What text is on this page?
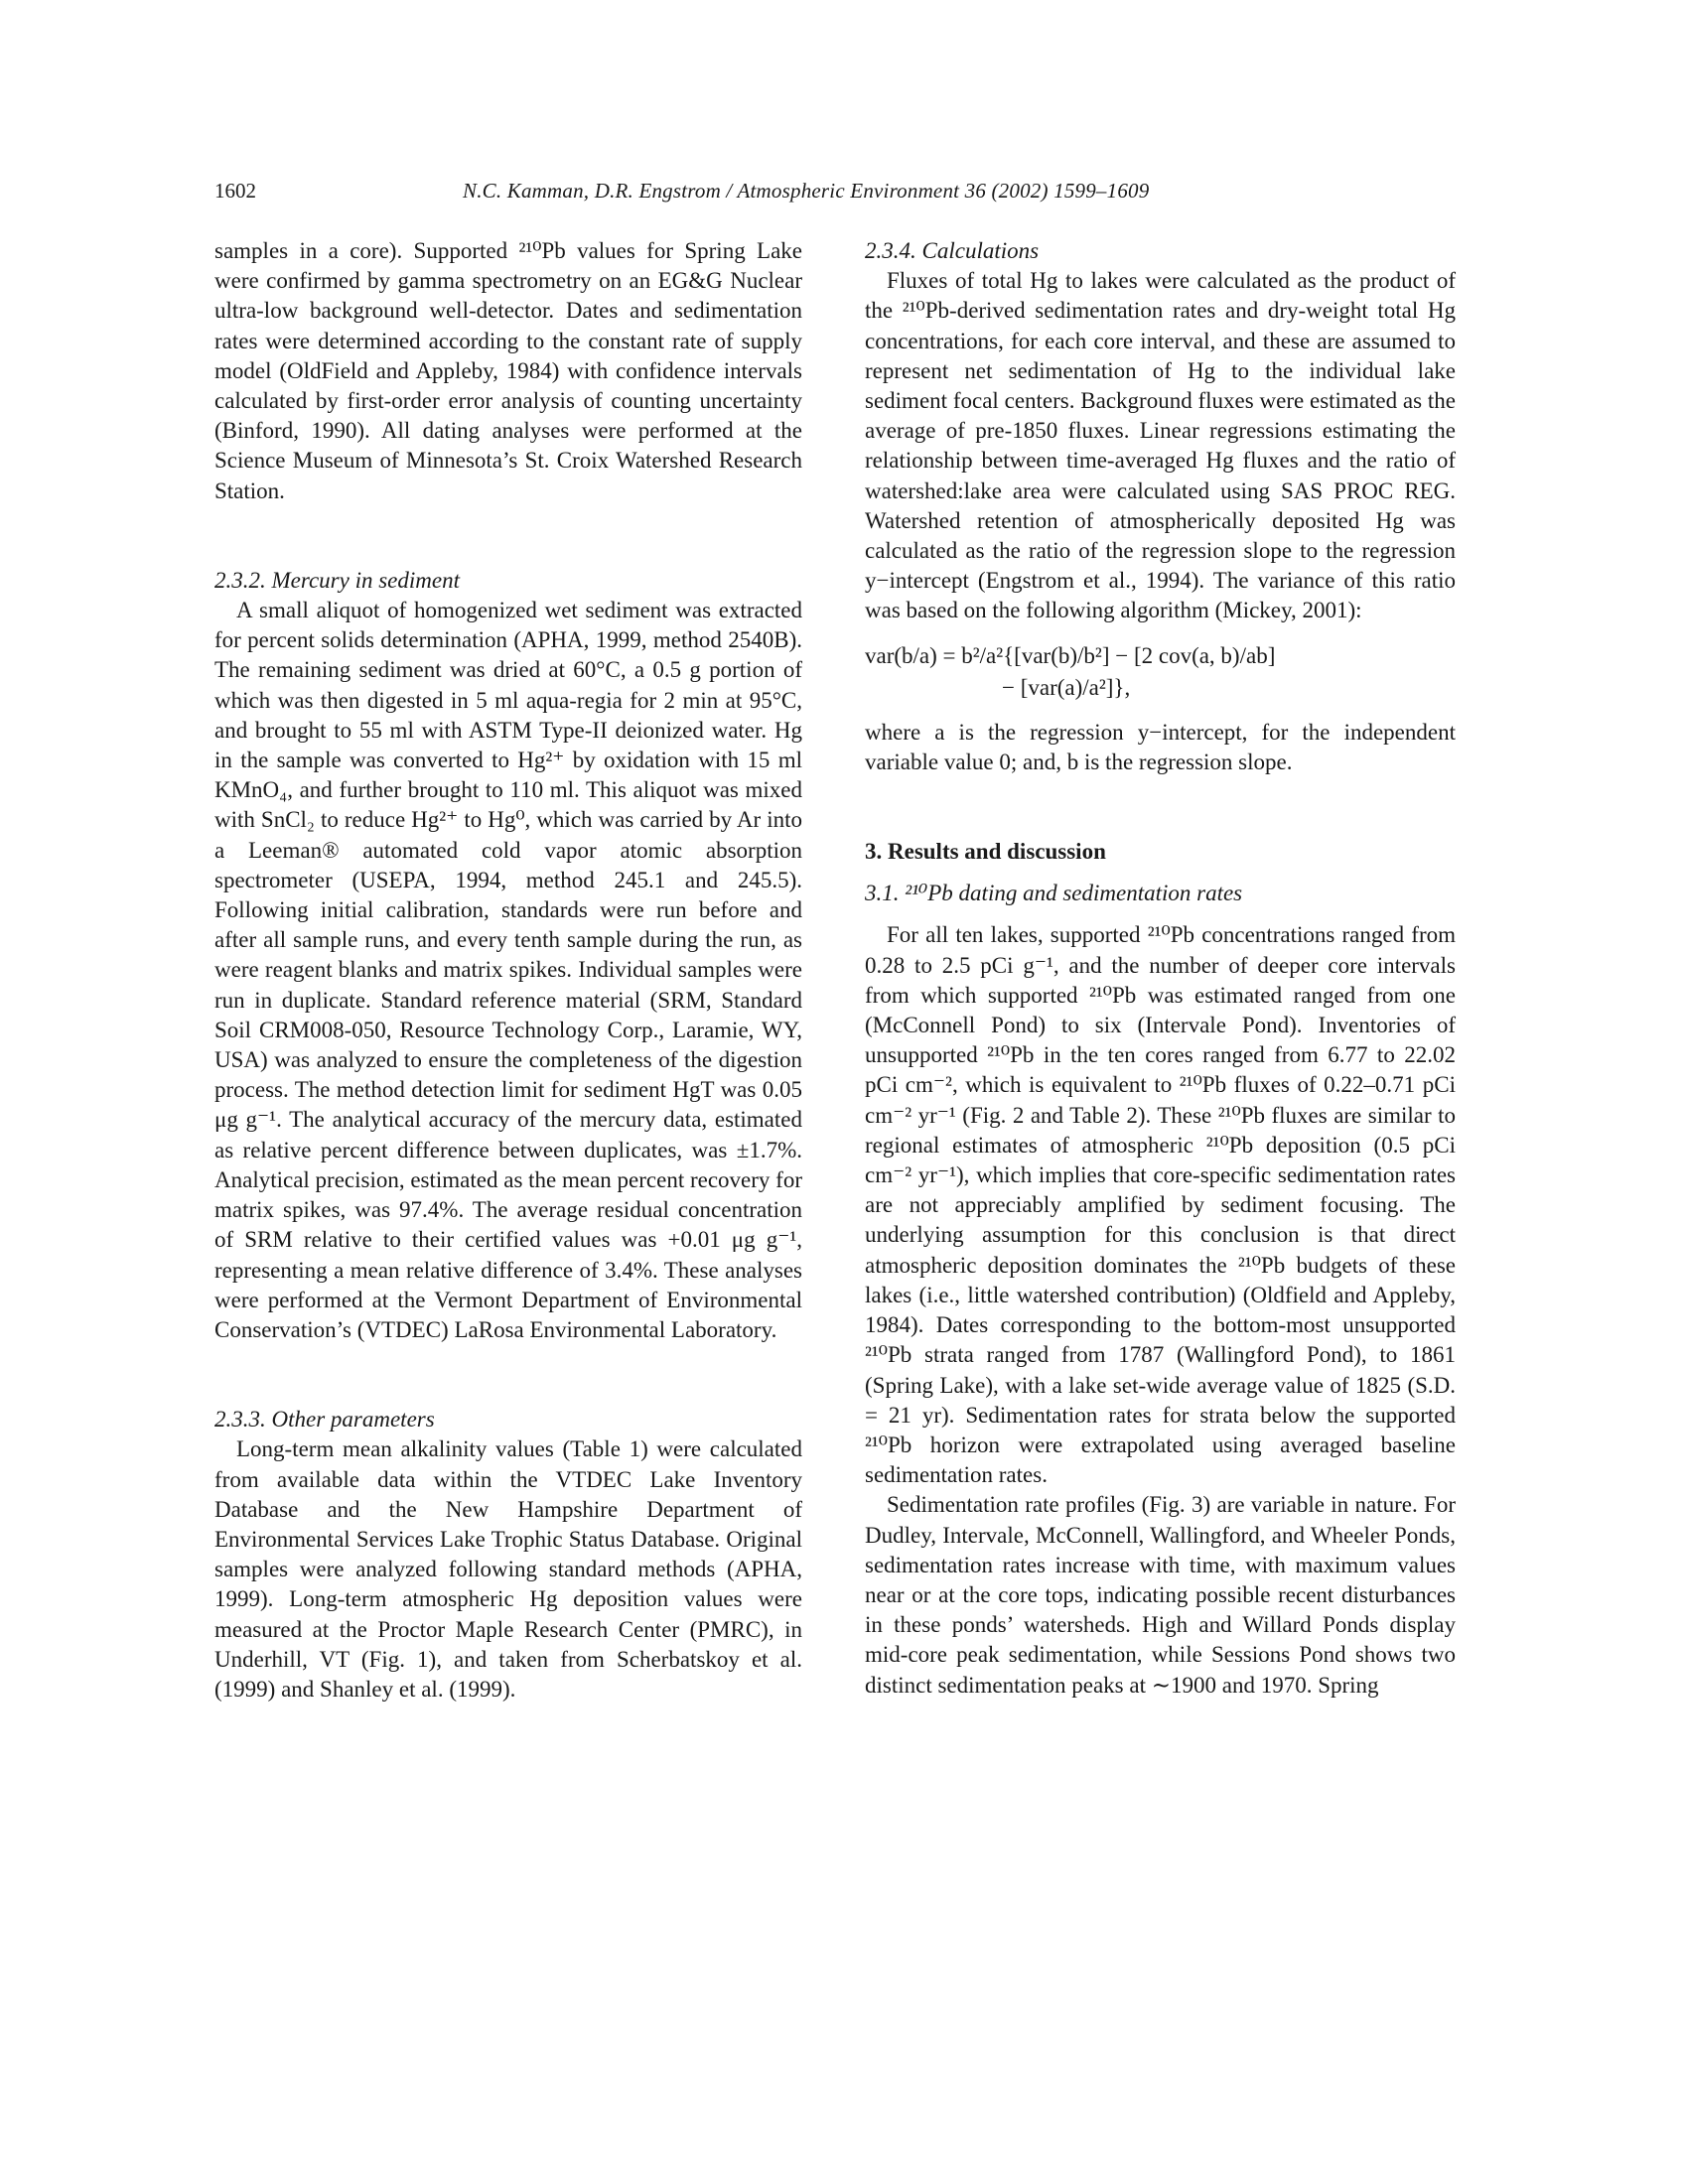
1602	N.C. Kamman, D.R. Engstrom / Atmospheric Environment 36 (2002) 1599–1609

samples in a core). Supported ²¹⁰Pb values for Spring Lake were confirmed by gamma spectrometry on an EG&G Nuclear ultra-low background well-detector. Dates and sedimentation rates were determined according to the constant rate of supply model (OldField and Appleby, 1984) with confidence intervals calculated by first-order error analysis of counting uncertainty (Binford, 1990). All dating analyses were performed at the Science Museum of Minnesota’s St. Croix Watershed Research Station.

2.3.2. Mercury in sediment

A small aliquot of homogenized wet sediment was extracted for percent solids determination (APHA, 1999, method 2540B). The remaining sediment was dried at 60°C, a 0.5 g portion of which was then digested in 5 ml aqua-regia for 2 min at 95°C, and brought to 55 ml with ASTM Type-II deionized water. Hg in the sample was converted to Hg²⁺ by oxidation with 15 ml KMnO₄, and further brought to 110 ml. This aliquot was mixed with SnCl₂ to reduce Hg²⁺ to Hg⁰, which was carried by Ar into a Leeman® automated cold vapor atomic absorption spectrometer (USEPA, 1994, method 245.1 and 245.5). Following initial calibration, standards were run before and after all sample runs, and every tenth sample during the run, as were reagent blanks and matrix spikes. Individual samples were run in duplicate. Standard reference material (SRM, Standard Soil CRM008-050, Resource Technology Corp., Laramie, WY, USA) was analyzed to ensure the completeness of the digestion process. The method detection limit for sediment HgT was 0.05 μg g⁻¹. The analytical accuracy of the mercury data, estimated as relative percent difference between duplicates, was ±1.7%. Analytical precision, estimated as the mean percent recovery for matrix spikes, was 97.4%. The average residual concentration of SRM relative to their certified values was +0.01 μg g⁻¹, representing a mean relative difference of 3.4%. These analyses were performed at the Vermont Department of Environmental Conservation’s (VTDEC) LaRosa Environmental Laboratory.

2.3.3. Other parameters

Long-term mean alkalinity values (Table 1) were calculated from available data within the VTDEC Lake Inventory Database and the New Hampshire Department of Environmental Services Lake Trophic Status Database. Original samples were analyzed following standard methods (APHA, 1999). Long-term atmospheric Hg deposition values were measured at the Proctor Maple Research Center (PMRC), in Underhill, VT (Fig. 1), and taken from Scherbatskoy et al. (1999) and Shanley et al. (1999).

2.3.4. Calculations

Fluxes of total Hg to lakes were calculated as the product of the ²¹⁰Pb-derived sedimentation rates and dry-weight total Hg concentrations, for each core interval, and these are assumed to represent net sedimentation of Hg to the individual lake sediment focal centers. Background fluxes were estimated as the average of pre-1850 fluxes. Linear regressions estimating the relationship between time-averaged Hg fluxes and the ratio of watershed:lake area were calculated using SAS PROC REG. Watershed retention of atmospherically deposited Hg was calculated as the ratio of the regression slope to the regression y−intercept (Engstrom et al., 1994). The variance of this ratio was based on the following algorithm (Mickey, 2001):

var(b/a) = b²/a²{[var(b)/b²] − [2 cov(a, b)/ab]
− [var(a)/a²]},

where a is the regression y−intercept, for the independent variable value 0; and, b is the regression slope.

3. Results and discussion

3.1. ²¹⁰Pb dating and sedimentation rates

For all ten lakes, supported ²¹⁰Pb concentrations ranged from 0.28 to 2.5 pCi g⁻¹, and the number of deeper core intervals from which supported ²¹⁰Pb was estimated ranged from one (McConnell Pond) to six (Intervale Pond). Inventories of unsupported ²¹⁰Pb in the ten cores ranged from 6.77 to 22.02 pCi cm⁻², which is equivalent to ²¹⁰Pb fluxes of 0.22–0.71 pCi cm⁻² yr⁻¹ (Fig. 2 and Table 2). These ²¹⁰Pb fluxes are similar to regional estimates of atmospheric ²¹⁰Pb deposition (0.5 pCi cm⁻² yr⁻¹), which implies that core-specific sedimentation rates are not appreciably amplified by sediment focusing. The underlying assumption for this conclusion is that direct atmospheric deposition dominates the ²¹⁰Pb budgets of these lakes (i.e., little watershed contribution) (Oldfield and Appleby, 1984). Dates corresponding to the bottom-most unsupported ²¹⁰Pb strata ranged from 1787 (Wallingford Pond), to 1861 (Spring Lake), with a lake set-wide average value of 1825 (S.D. = 21 yr). Sedimentation rates for strata below the supported ²¹⁰Pb horizon were extrapolated using averaged baseline sedimentation rates.

Sedimentation rate profiles (Fig. 3) are variable in nature. For Dudley, Intervale, McConnell, Wallingford, and Wheeler Ponds, sedimentation rates increase with time, with maximum values near or at the core tops, indicating possible recent disturbances in these ponds’ watersheds. High and Willard Ponds display mid-core peak sedimentation, while Sessions Pond shows two distinct sedimentation peaks at ∼1900 and 1970. Spring
